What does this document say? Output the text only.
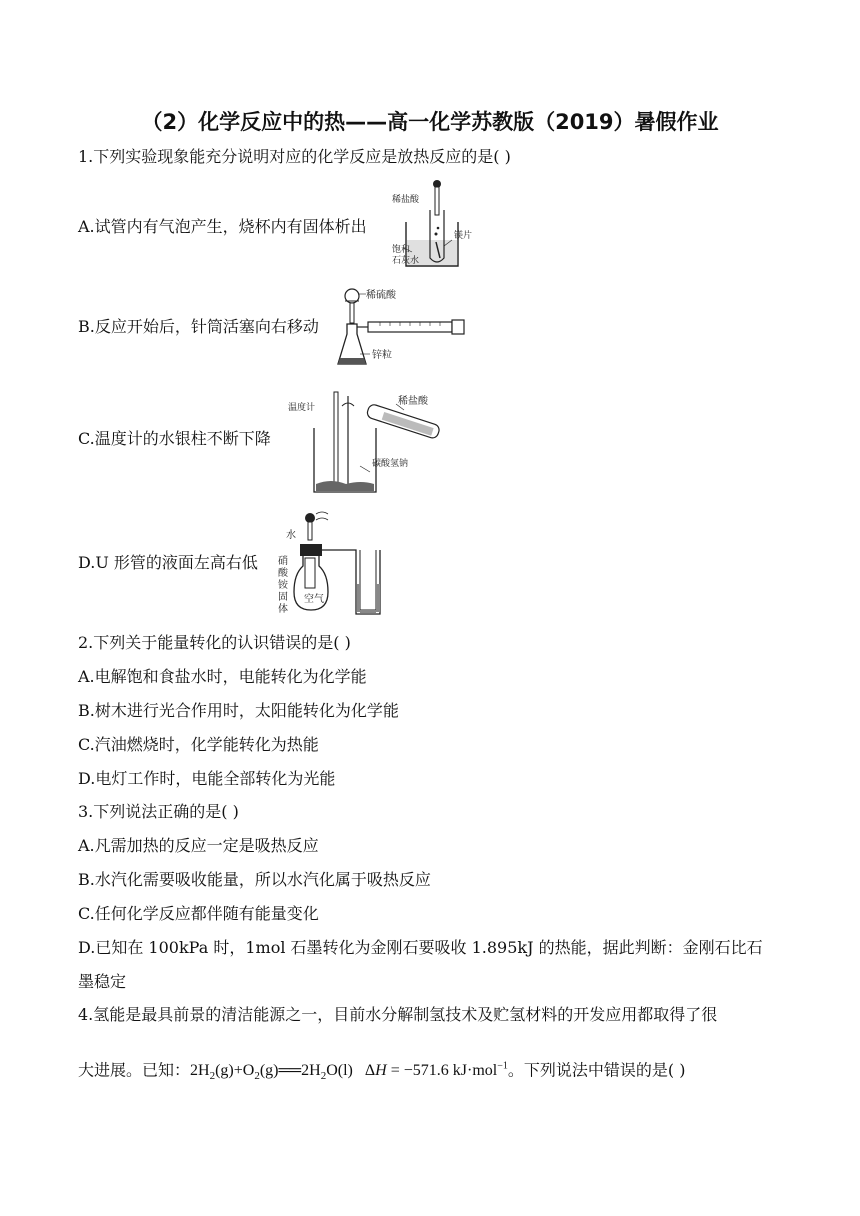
（2）化学反应中的热——高一化学苏教版（2019）暑假作业
1.下列实验现象能充分说明对应的化学反应是放热反应的是( )
A.试管内有气泡产生，烧杯内有固体析出
B.反应开始后，针筒活塞向右移动
C.温度计的水银柱不断下降
D.U 形管的液面左高右低
稀盐酸
饱和
石灰水
镁片
稀硫酸
锌粒
温度计
稀盐酸
碳酸氢钠
水
空气
硝
酸
铵
固
体
2.下列关于能量转化的认识错误的是( )
A.电解饱和食盐水时，电能转化为化学能
B.树木进行光合作用时，太阳能转化为化学能
C.汽油燃烧时，化学能转化为热能
D.电灯工作时，电能全部转化为光能
3.下列说法正确的是( )
A.凡需加热的反应一定是吸热反应
B.水汽化需要吸收能量，所以水汽化属于吸热反应
C.任何化学反应都伴随有能量变化
D.已知在 100kPa 时，1mol 石墨转化为金刚石要吸收 1.895kJ 的热能，据此判断：金刚石比石
墨稳定
4.氢能是最具前景的清洁能源之一，目前水分解制氢技术及贮氢材料的开发应用都取得了很
大进展。已知：$2H_2(g)+O_2(g)══2H_2O(l) \Delta H = -571.6$ kJ·mol$^{-1}$。下列说法中错误的是( )
